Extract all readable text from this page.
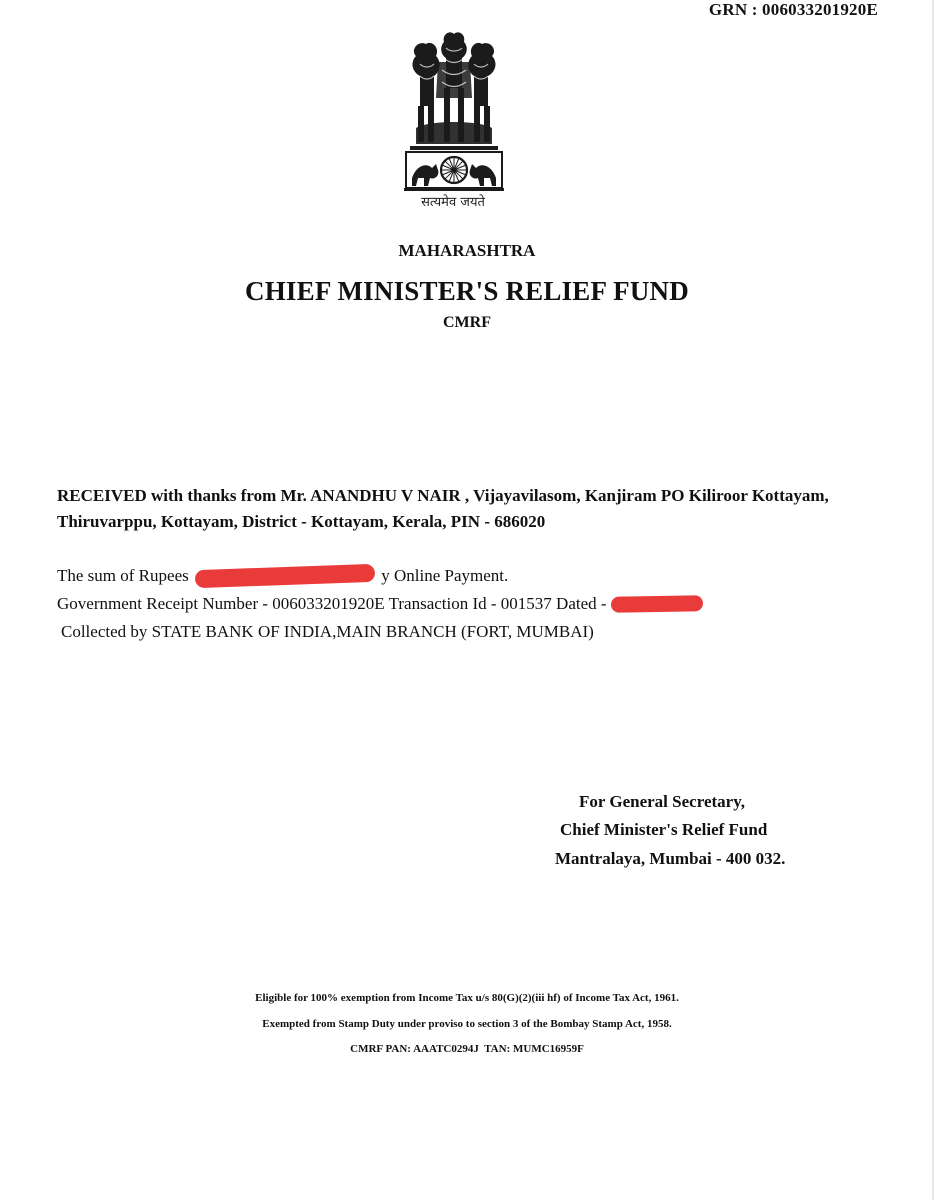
GRN : 006033201920E
सत्यमेव जयते
MAHARASHTRA
CHIEF MINISTER'S RELIEF FUND
CMRF
RECEIVED with thanks from Mr. ANANDHU V NAIR , Vijayavilasom, Kanjiram PO Kiliroor Kottayam, Thiruvarppu, Kottayam, District - Kottayam, Kerala, PIN - 686020
The sum of Rupees	y Online Payment.
Government Receipt Number - 006033201920E Transaction Id - 001537 Dated -
Collected by STATE BANK OF INDIA,MAIN BRANCH (FORT, MUMBAI)
For General Secretary,
Chief Minister's Relief Fund
Mantralaya, Mumbai - 400 032.
Eligible for 100% exemption from Income Tax u/s 80(G)(2)(iii hf) of Income Tax Act, 1961.
Exempted from Stamp Duty under proviso to section 3 of the Bombay Stamp Act, 1958.
CMRF PAN: AAATC0294J  TAN: MUMC16959F
